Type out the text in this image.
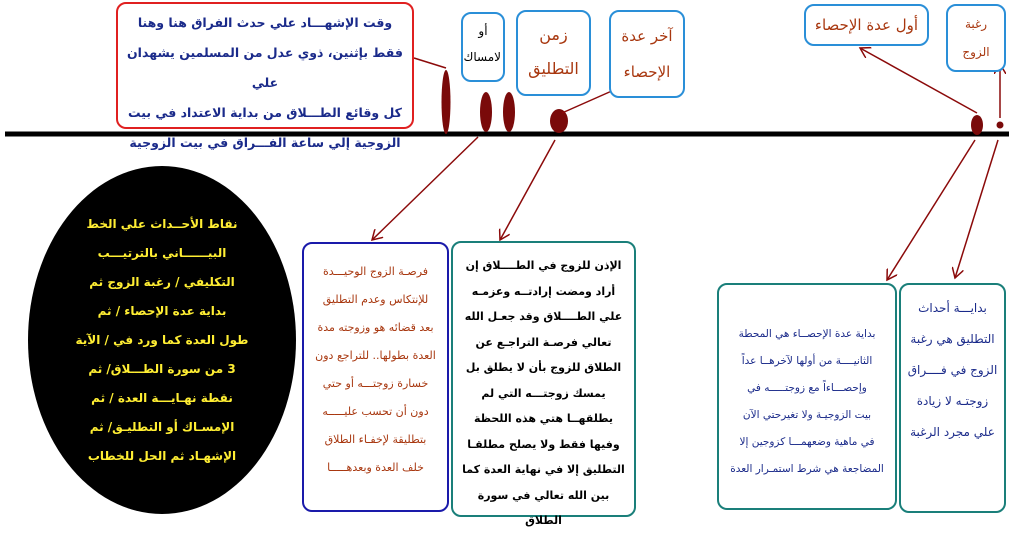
وقت الإشهـــاد علي حدث الفراق هنا وهنا
فقط بإثنين، ذوي عدل من المسلمين يشهدان علي
كل وقائع الطـــلاق من بداية الاعتداد في بيت
الزوجية إلي ساعة الفـــراق في بيت الزوجية
أو
لامساك
زمن
التطليق
آخر عدة
الإحصاء
أول عدة الإحصاء	رغبة
الزوج
نقاط الأحــداث علي الخط
البيــــــاني بالترتيـــب
التكليفي / رغبة الزوج ثم
بداية عدة الإحصاء / ثم
طول العدة كما ورد في / الآية
3 من سورة الطـــلاق/ ثم
نقطة نهـايـــة العدة / ثم
الإمسـاك أو التطليـق/ ثم
الإشهـاد ثم الحل للخطاب
فرصـة الزوج الوحيـــدة
للإنتكاس وعدم التطليق
بعد قضائه هو وزوجته مدة
العدة بطولها.. للتراجع دون
خسارة زوجتـــه أو حتي
دون أن تحسب عليـــــه
بتطليقة لإخفـاء الطلاق
خلف العدة وبعدهـــــا
الإذن للزوج في الطــــلاق إن
أراد ومضت إرادتــه وعزمـه
علي الطــــلاق وقد جعـل الله
تعالي فرصـة التراجـع عن
الطلاق للزوج بأن لا يطلق بل
يمسك زوجتـــه التي لم
يطلقهــا هتي هذه اللحظة
وفيها فقط ولا يصلح مطلقـا
التطليق إلا في نهاية العدة كما
بين الله تعالي في سورة الطلاق
بداية عدة الإحصــاء هي المحطة
الثانيــــة من أولها لآخرهــا عداً
وإحصـــاءاً مع زوجتـــــه في
بيت الزوجيـة ولا تغيرحتي الآن
في ماهية وضعهمـــا كزوجين إلا
المضاجعة هي شرط استمـرار العدة
بدايـــة أحداث
التطليق هي رغبة
الزوج في فــــراق
زوجتـه لا زيادة
علي مجرد الرغبة
